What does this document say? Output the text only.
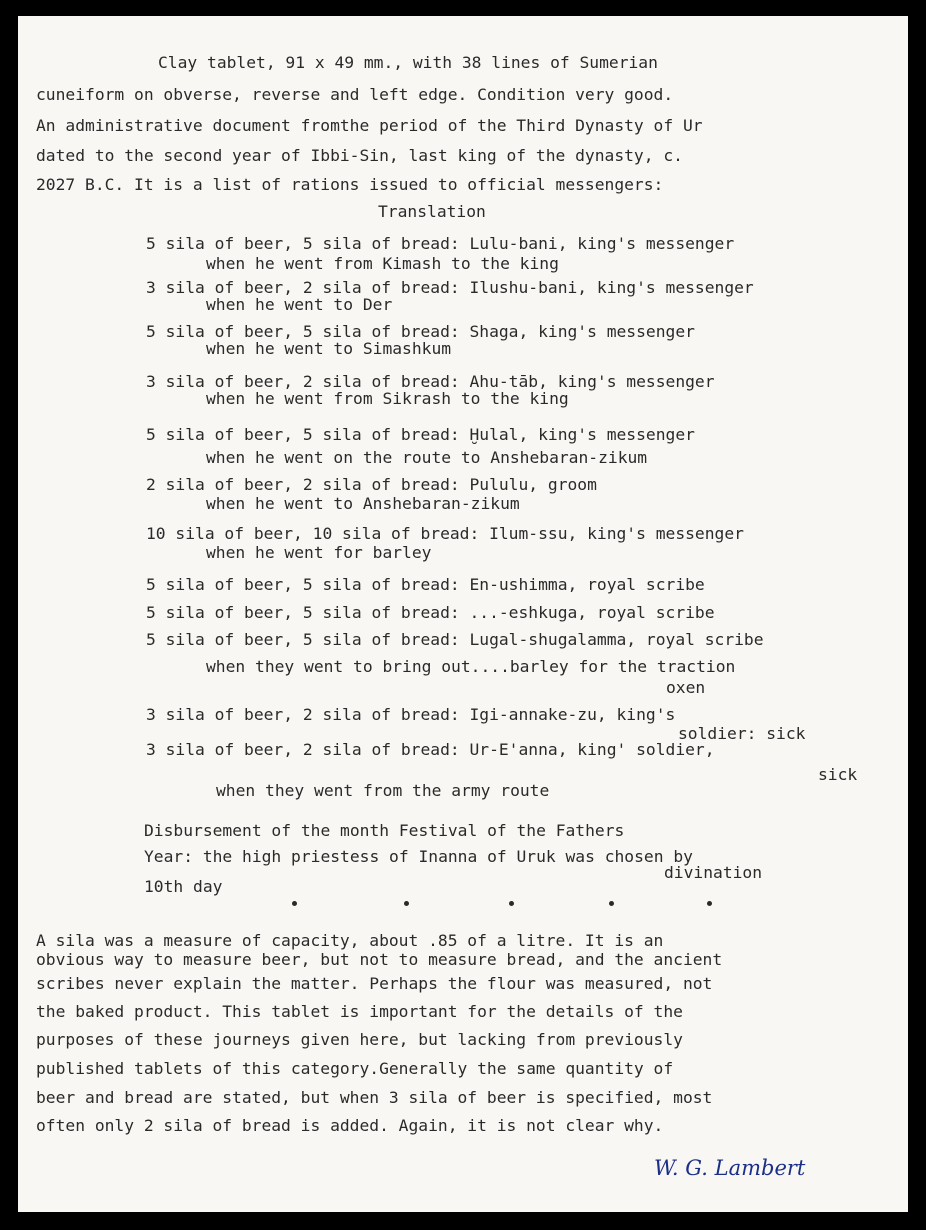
Clay tablet, 91 x 49 mm., with 38 lines of Sumerian
cuneiform on obverse, reverse and left edge. Condition very good.
An administrative document fromthe period of the Third Dynasty of Ur
dated to the second year of Ibbi-Sin, last king of the dynasty, c.
2027 B.C. It is a list of rations issued to official messengers:
Translation
5 sila of beer, 5 sila of bread: Lulu-bani, king's messenger
when he went from Kimash to the king
3 sila of beer, 2 sila of bread: Ilushu-bani, king's messenger
when he went to Der
5 sila of beer, 5 sila of bread: Shaga, king's messenger
when he went to Simashkum
3 sila of beer, 2 sila of bread: Ahu-tāb, king's messenger
when he went from Sikrash to the king
5 sila of beer, 5 sila of bread: Ḫulal, king's messenger
when he went on the route to Anshebaran-zikum
2 sila of beer, 2 sila of bread: Pululu, groom
when he went to Anshebaran-zikum
10 sila of beer, 10 sila of bread: Ilum-ssu, king's messenger
when he went for barley
5 sila of beer, 5 sila of bread: En-ushimma, royal scribe
5 sila of beer, 5 sila of bread: ...-eshkuga, royal scribe
5 sila of beer, 5 sila of bread: Lugal-shugalamma, royal scribe
when they went to bring out....barley for the traction
oxen
3 sila of beer, 2 sila of bread: Igi-annake-zu, king's
soldier: sick
3 sila of beer, 2 sila of bread: Ur-E'anna, king' soldier,
sick
when they went from the army route
Disbursement of the month Festival of the Fathers
Year: the high priestess of Inanna of Uruk was chosen by
divination
10th day
A sila was a measure of capacity, about .85 of a litre. It is an
obvious way to measure beer, but not to measure bread, and the ancient
scribes never explain the matter. Perhaps the flour was measured, not
the baked product. This tablet is important for the details of the
purposes of these journeys given here, but lacking from previously
published tablets of this category.Generally the same quantity of
beer and bread are stated, but when 3 sila of beer is specified, most
often only 2 sila of bread is added. Again, it is not clear why.
W. G. Lambert
